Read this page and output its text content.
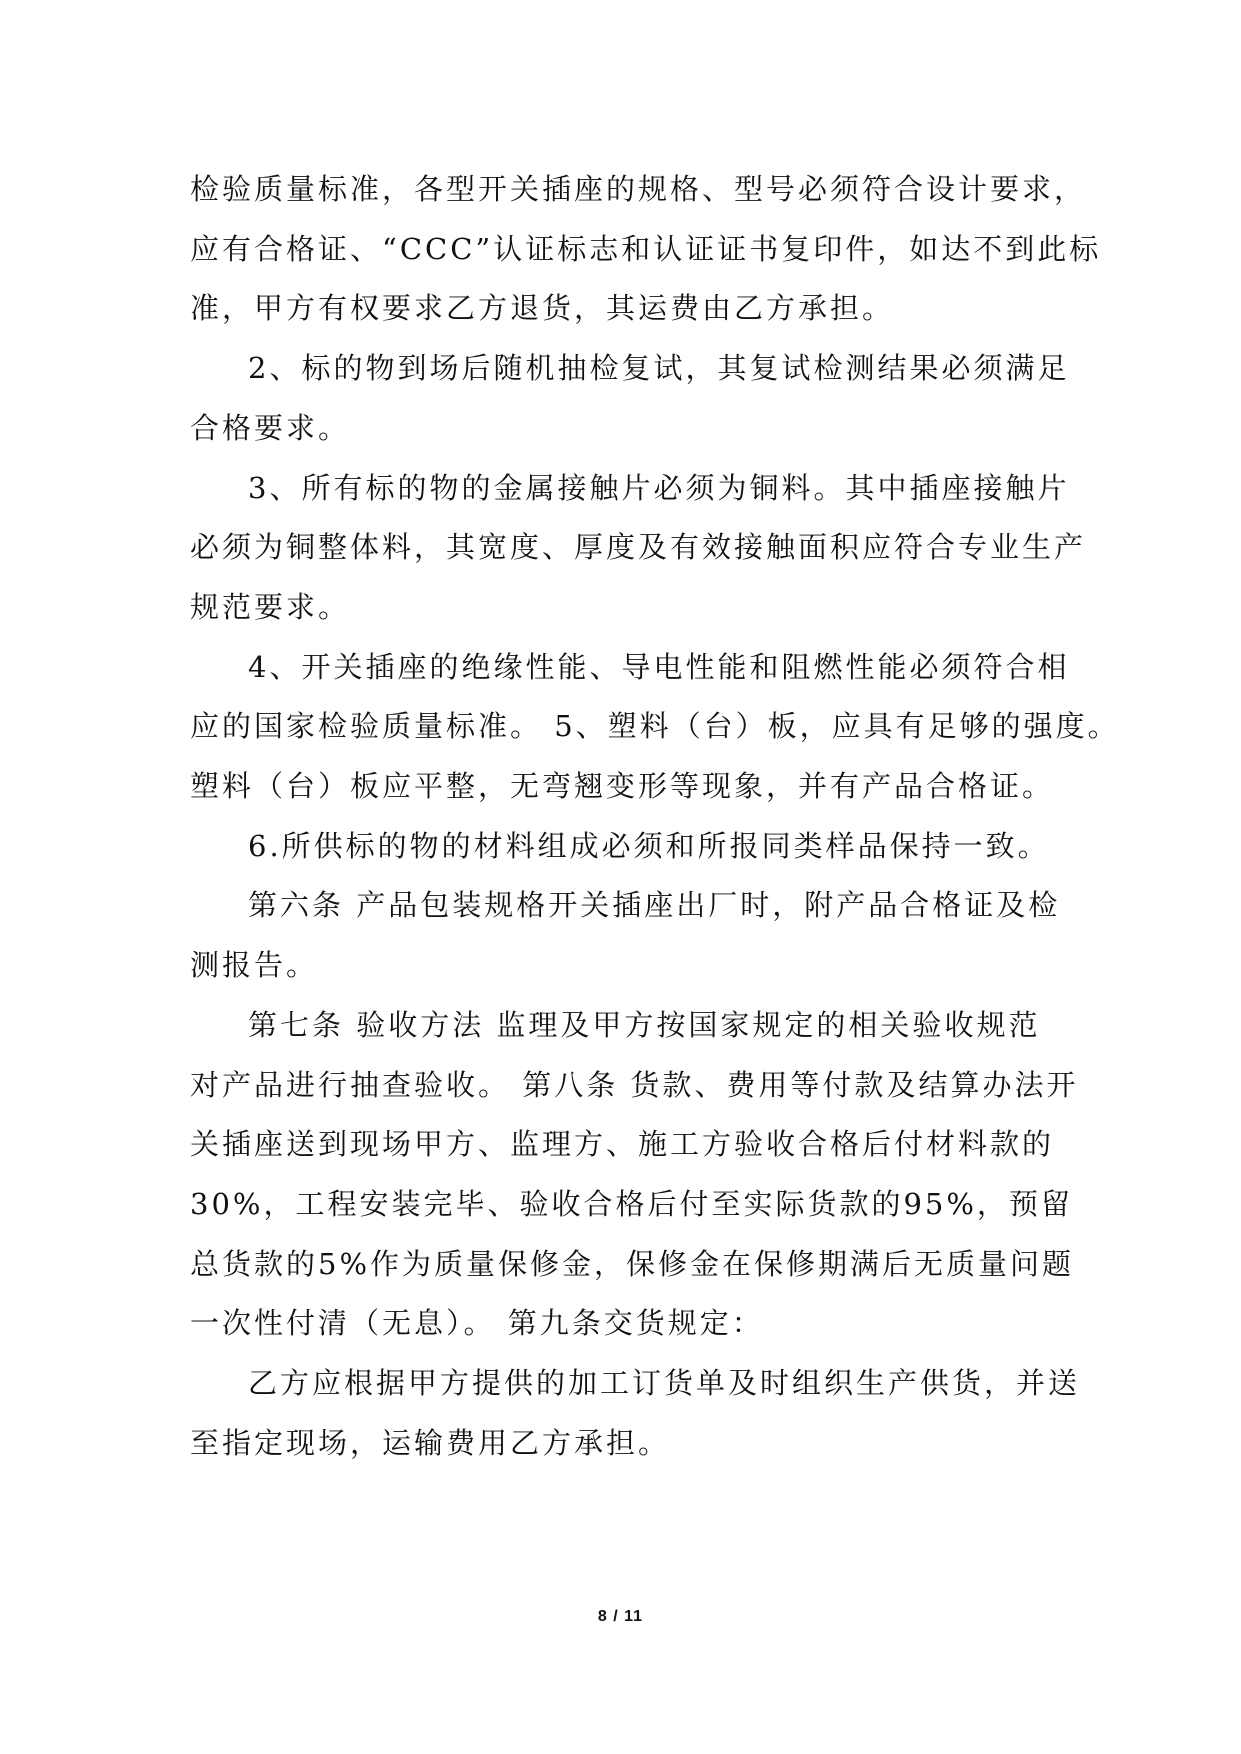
检验质量标准，各型开关插座的规格、型号必须符合设计要求，
应有合格证、“CCC”认证标志和认证证书复印件，如达不到此标
准，甲方有权要求乙方退货，其运费由乙方承担。
2、标的物到场后随机抽检复试，其复试检测结果必须满足
合格要求。
3、所有标的物的金属接触片必须为铜料。其中插座接触片
必须为铜整体料，其宽度、厚度及有效接触面积应符合专业生产
规范要求。
4、开关插座的绝缘性能、导电性能和阻燃性能必须符合相
应的国家检验质量标准。 5、塑料（台）板，应具有足够的强度。
塑料（台）板应平整，无弯翘变形等现象，并有产品合格证。
6.所供标的物的材料组成必须和所报同类样品保持一致。
第六条 产品包装规格开关插座出厂时，附产品合格证及检
测报告。
第七条 验收方法 监理及甲方按国家规定的相关验收规范
对产品进行抽查验收。 第八条 货款、费用等付款及结算办法开
关插座送到现场甲方、监理方、施工方验收合格后付材料款的
30%，工程安装完毕、验收合格后付至实际货款的95%，预留
总货款的5%作为质量保修金，保修金在保修期满后无质量问题
一次性付清（无息）。 第九条交货规定：
乙方应根据甲方提供的加工订货单及时组织生产供货，并送
至指定现场，运输费用乙方承担。
8 / 11
